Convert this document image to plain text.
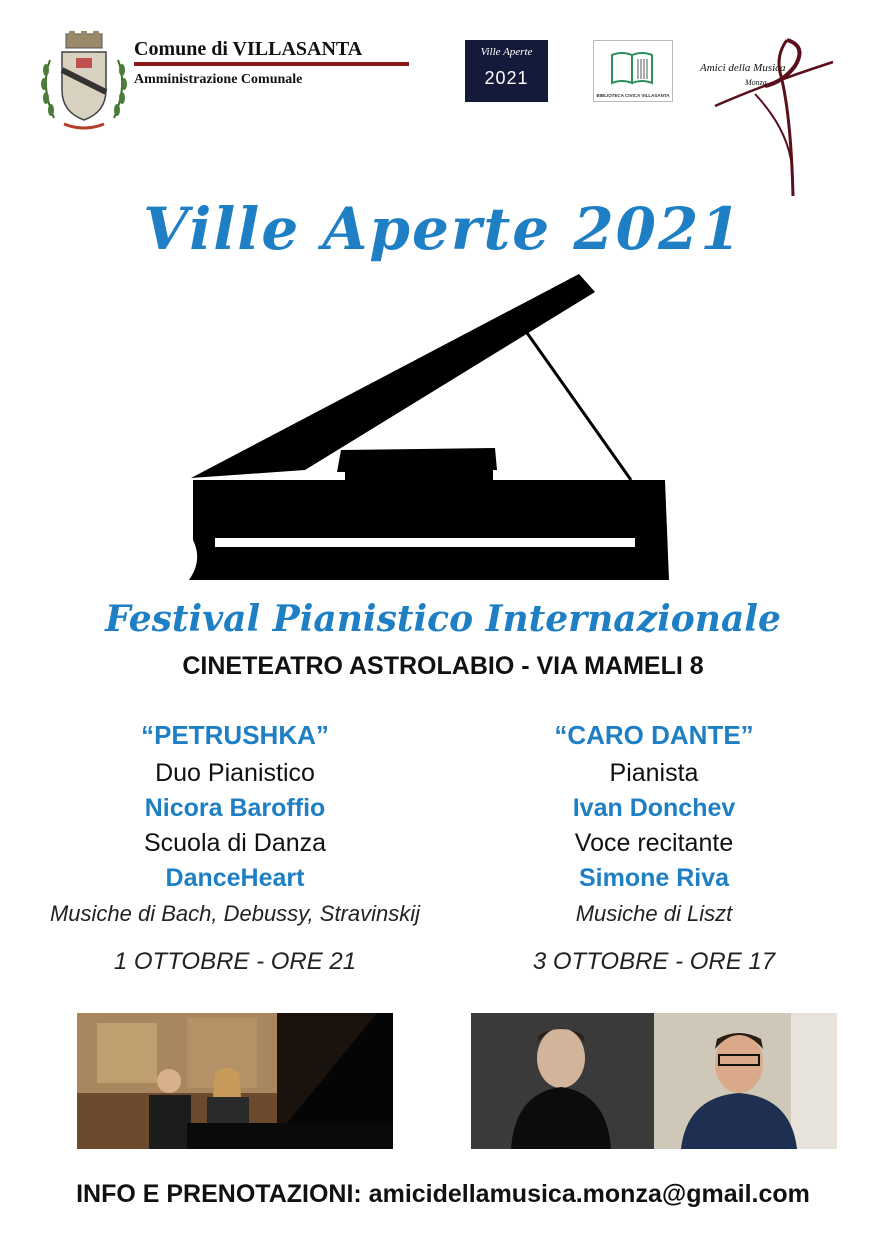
Comune di VILLASANTA
Amministrazione Comunale
Ville Aperte
2021
BIBLIOTECA CIVICA VILLASANTA
Amici della Musica
Monza
Ville Aperte 2021
Festival Pianistico Internazionale
CINETEATRO ASTROLABIO - VIA MAMELI 8
“PETRUSHKA”
Duo Pianistico
Nicora Baroffio
Scuola di Danza
DanceHeart
Musiche di Bach, Debussy, Stravinskij
1 OTTOBRE - ORE 21
“CARO DANTE”
Pianista
Ivan Donchev
Voce recitante
Simone Riva
Musiche di Liszt
3 OTTOBRE - ORE 17
INFO E PRENOTAZIONI: amicidellamusica.monza@gmail.com
